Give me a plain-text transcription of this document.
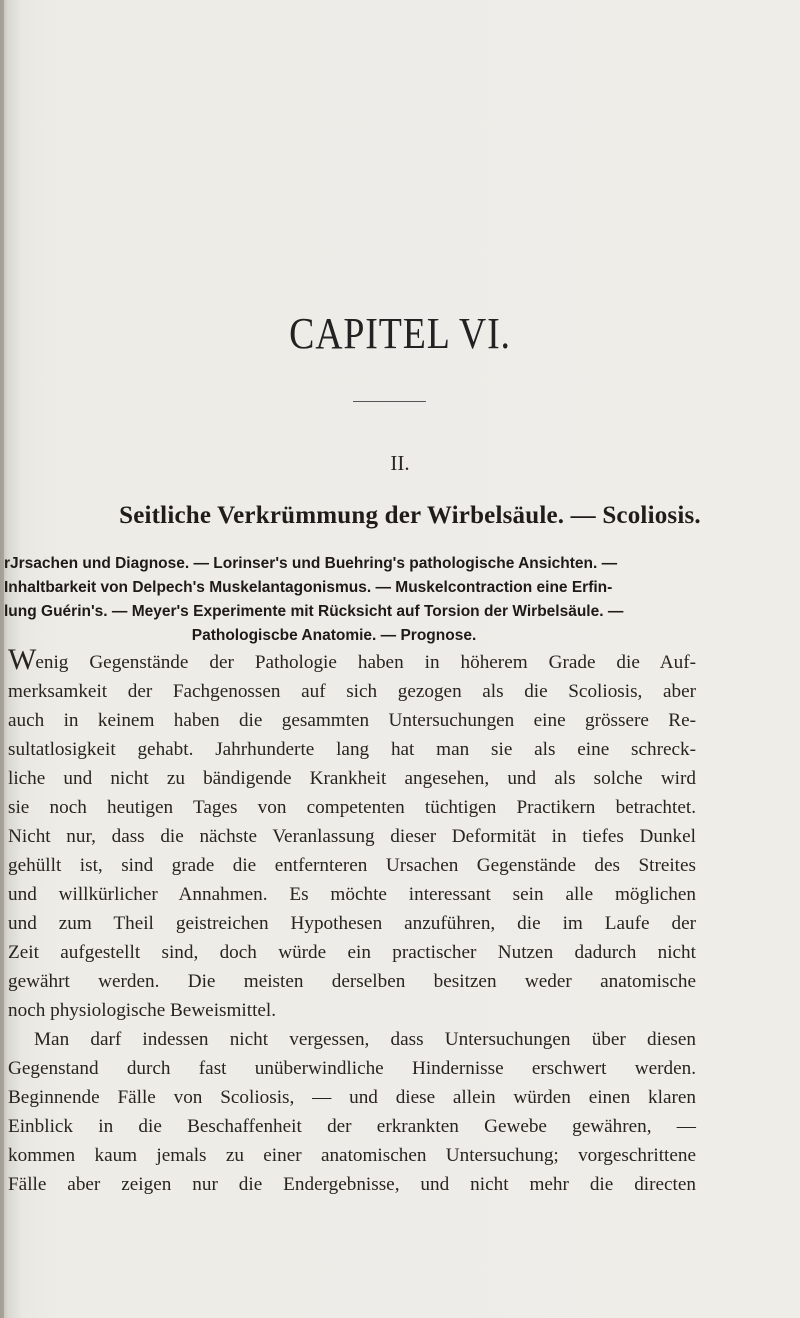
CAPITEL VI.
II.
Seitliche Verkrümmung der Wirbelsäule. — Scoliosis.
rJrsachen und Diagnose. — Lorinser's und Buehring's pathologische Ansichten. —
Inhaltbarkeit von Delpech's Muskelantagonismus. — Muskelcontraction eine Erfin-
lung Guérin's. — Meyer's Experimente mit Rücksicht auf Torsion der Wirbelsäule. —
Pathologiscbe Anatomie. — Prognose.
Wenig Gegenstände der Pathologie haben in höherem Grade die Auf-
merksamkeit der Fachgenossen auf sich gezogen als die Scoliosis, aber
auch in keinem haben die gesammten Untersuchungen eine grössere Re-
sultatlosigkeit gehabt. Jahrhunderte lang hat man sie als eine schreck-
liche und nicht zu bändigende Krankheit angesehen, und als solche wird
sie noch heutigen Tages von competenten tüchtigen Practikern betrachtet.
Nicht nur, dass die nächste Veranlassung dieser Deformität in tiefes Dunkel
gehüllt ist, sind grade die entfernteren Ursachen Gegenstände des Streites
und willkürlicher Annahmen. Es möchte interessant sein alle möglichen
und zum Theil geistreichen Hypothesen anzuführen, die im Laufe der
Zeit aufgestellt sind, doch würde ein practischer Nutzen dadurch nicht
gewährt werden. Die meisten derselben besitzen weder anatomische
noch physiologische Beweismittel.
Man darf indessen nicht vergessen, dass Untersuchungen über diesen
Gegenstand durch fast unüberwindliche Hindernisse erschwert werden.
Beginnende Fälle von Scoliosis, — und diese allein würden einen klaren
Einblick in die Beschaffenheit der erkrankten Gewebe gewähren, —
kommen kaum jemals zu einer anatomischen Untersuchung; vorgeschrittene
Fälle aber zeigen nur die Endergebnisse, und nicht mehr die directen
